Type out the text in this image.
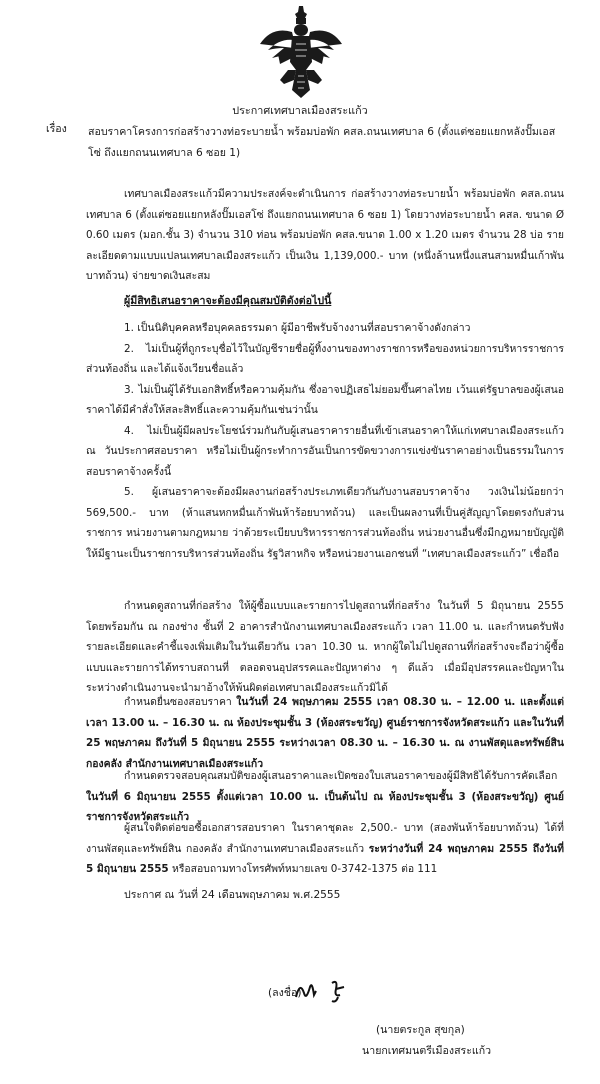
ประกาศเทศบาลเมืองสระแก้ว
เรื่อง	สอบราคาโครงการก่อสร้างวางท่อระบายน้ำ พร้อมบ่อพัก คสล.ถนนเทศบาล 6 (ตั้งแต่ซอยแยกหลังปั๊มเอสโซ่ ถึงแยกถนนเทศบาล 6 ซอย 1)
เทศบาลเมืองสระแก้วมีความประสงค์จะดำเนินการ ก่อสร้างวางท่อระบายน้ำ พร้อมบ่อพัก คสล.ถนนเทศบาล 6 (ตั้งแต่ซอยแยกหลังปั๊มเอสโซ่ ถึงแยกถนนเทศบาล 6 ซอย 1) โดยวางท่อระบายน้ำ คสล. ขนาด Ø 0.60 เมตร (มอก.ชั้น 3) จำนวน 310 ท่อน พร้อมบ่อพัก คสล.ขนาด 1.00 x 1.20 เมตร จำนวน 28 บ่อ รายละเอียดตามแบบแปลนเทศบาลเมืองสระแก้ว เป็นเงิน 1,139,000.- บาท (หนึ่งล้านหนึ่งแสนสามหมื่นเก้าพันบาทถ้วน) จ่ายขาดเงินสะสม
ผู้มีสิทธิเสนอราคาจะต้องมีคุณสมบัติดังต่อไปนี้
1. เป็นนิติบุคคลหรือบุคคลธรรมดา ผู้มีอาชีพรับจ้างงานที่สอบราคาจ้างดังกล่าว
2. ไม่เป็นผู้ที่ถูกระบุชื่อไว้ในบัญชีรายชื่อผู้ทิ้งงานของทางราชการหรือของหน่วยการบริหารราชการส่วนท้องถิ่น และได้แจ้งเวียนชื่อแล้ว
3. ไม่เป็นผู้ได้รับเอกสิทธิ์หรือความคุ้มกัน ซึ่งอาจปฏิเสธไม่ยอมขึ้นศาลไทย เว้นแต่รัฐบาลของผู้เสนอราคาได้มีคำสั่งให้สละสิทธิ์และความคุ้มกันเช่นว่านั้น
4. ไม่เป็นผู้มีผลประโยชน์ร่วมกันกับผู้เสนอราคารายอื่นที่เข้าเสนอราคาให้แก่เทศบาลเมืองสระแก้ว ณ วันประกาศสอบราคา หรือไม่เป็นผู้กระทำการอันเป็นการขัดขวางการแข่งขันราคาอย่างเป็นธรรมในการสอบราคาจ้างครั้งนี้
5. ผู้เสนอราคาจะต้องมีผลงานก่อสร้างประเภทเดียวกันกับงานสอบราคาจ้าง วงเงินไม่น้อยกว่า 569,500.- บาท (ห้าแสนหกหมื่นเก้าพันห้าร้อยบาทถ้วน) และเป็นผลงานที่เป็นคู่สัญญาโดยตรงกับส่วนราชการ หน่วยงานตามกฎหมาย ว่าด้วยระเบียบบริหารราชการส่วนท้องถิ่น หน่วยงานอื่นซึ่งมีกฎหมายบัญญัติให้มีฐานะเป็นราชการบริหารส่วนท้องถิ่น รัฐวิสาหกิจ หรือหน่วยงานเอกชนที่ “เทศบาลเมืองสระแก้ว” เชื่อถือ
กำหนดดูสถานที่ก่อสร้าง ให้ผู้ซื้อแบบและรายการไปดูสถานที่ก่อสร้าง ในวันที่ 5 มิถุนายน 2555 โดยพร้อมกัน ณ กองช่าง ชั้นที่ 2 อาคารสำนักงานเทศบาลเมืองสระแก้ว เวลา 11.00 น. และกำหนดรับฟังรายละเอียดและคำชี้แจงเพิ่มเติมในวันเดียวกัน เวลา 10.30 น. หากผู้ใดไม่ไปดูสถานที่ก่อสร้างจะถือว่าผู้ซื้อแบบและรายการได้ทราบสถานที่ ตลอดจนอุปสรรคและปัญหาต่าง ๆ ดีแล้ว เมื่อมีอุปสรรคและปัญหาในระหว่างดำเนินงานจะนำมาอ้างให้พ้นผิดต่อเทศบาลเมืองสระแก้วมิได้
กำหนดยื่นซองสอบราคา ในวันที่ 24 พฤษภาคม 2555 เวลา 08.30 น. – 12.00 น. และตั้งแต่เวลา 13.00 น. – 16.30 น. ณ ห้องประชุมชั้น 3 (ห้องสระขวัญ) ศูนย์ราชการจังหวัดสระแก้ว และในวันที่ 25 พฤษภาคม ถึงวันที่ 5 มิถุนายน 2555 ระหว่างเวลา 08.30 น. – 16.30 น. ณ งานพัสดุและทรัพย์สิน กองคลัง สำนักงานเทศบาลเมืองสระแก้ว
กำหนดตรวจสอบคุณสมบัติของผู้เสนอราคาและเปิดซองใบเสนอราคาของผู้มีสิทธิได้รับการคัดเลือก ในวันที่ 6 มิถุนายน 2555 ตั้งแต่เวลา 10.00 น. เป็นต้นไป ณ ห้องประชุมชั้น 3 (ห้องสระขวัญ) ศูนย์ราชการจังหวัดสระแก้ว
ผู้สนใจติดต่อขอซื้อเอกสารสอบราคา ในราคาชุดละ 2,500.- บาท (สองพันห้าร้อยบาทถ้วน) ได้ที่งานพัสดุและทรัพย์สิน กองคลัง สำนักงานเทศบาลเมืองสระแก้ว ระหว่างวันที่ 24 พฤษภาคม 2555 ถึงวันที่ 5 มิถุนายน 2555 หรือสอบถามทางโทรศัพท์หมายเลข 0-3742-1375 ต่อ 111
ประกาศ ณ วันที่ 24 เดือนพฤษภาคม พ.ศ.2555
(ลงชื่อ)
(นายตระกูล สุขกุล)
นายกเทศมนตรีเมืองสระแก้ว
